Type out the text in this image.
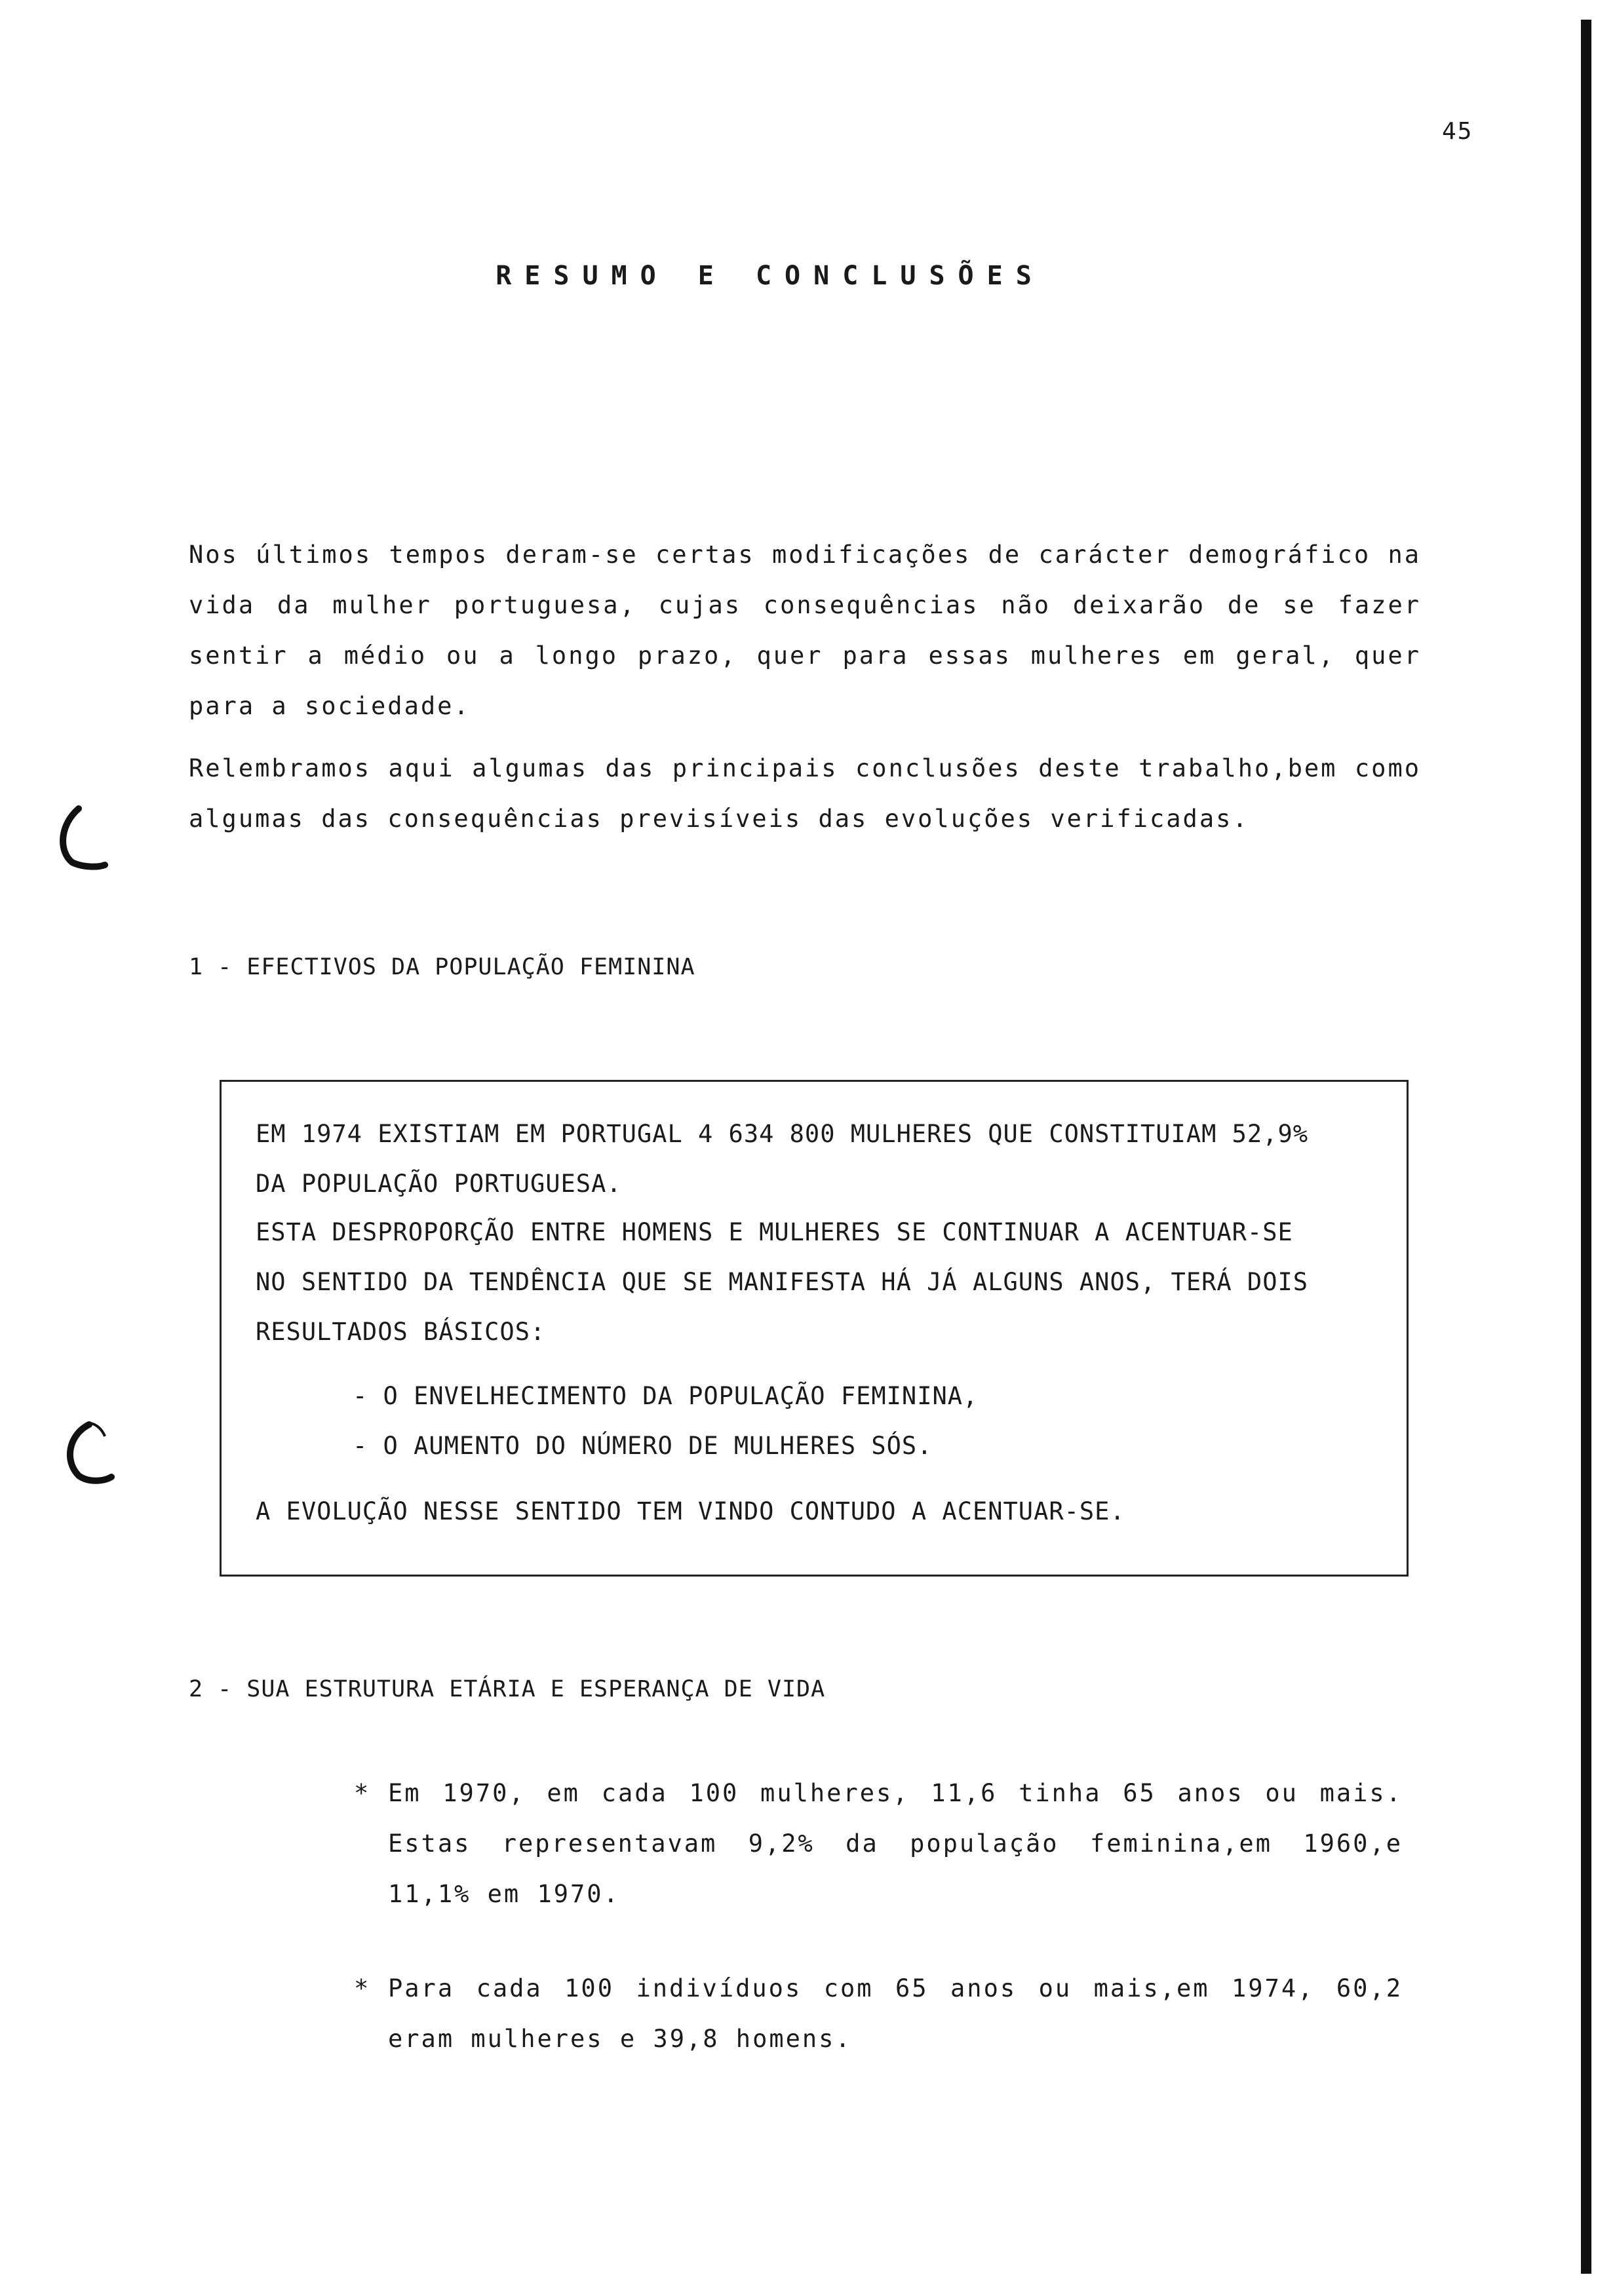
45
RESUMO E CONCLUSÕES

Nos últimos tempos deram-se certas modificações de carácter demográfico na vida da mulher portuguesa, cujas consequências não deixarão de se fazer sentir a médio ou a longo prazo, quer para essas mulheres em geral, quer para a sociedade.

Relembramos aqui algumas das principais conclusões deste trabalho,bem como algumas das consequências previsíveis das evoluções verificadas.

1 - EFECTIVOS DA POPULAÇÃO FEMININA
EM 1974 EXISTIAM EM PORTUGAL 4 634 800 MULHERES QUE CONSTITUIAM 52,9%
DA POPULAÇÃO PORTUGUESA.
ESTA DESPROPORÇÃO ENTRE HOMENS E MULHERES SE CONTINUAR A ACENTUAR-SE
NO SENTIDO DA TENDÊNCIA QUE SE MANIFESTA HÁ JÁ ALGUNS ANOS, TERÁ DOIS
RESULTADOS BÁSICOS:
- O ENVELHECIMENTO DA POPULAÇÃO FEMININA,
- O AUMENTO DO NÚMERO DE MULHERES SÓS.
A EVOLUÇÃO NESSE SENTIDO TEM VINDO CONTUDO A ACENTUAR-SE.
2 - SUA ESTRUTURA ETÁRIA E ESPERANÇA DE VIDA
* Em 1970, em cada 100 mulheres, 11,6 tinha 65 anos ou mais. Estas representavam 9,2% da população feminina,em 1960,e 11,1% em 1970.

* Para cada 100 indivíduos com 65 anos ou mais,em 1974, 60,2 eram mulheres e 39,8 homens.
